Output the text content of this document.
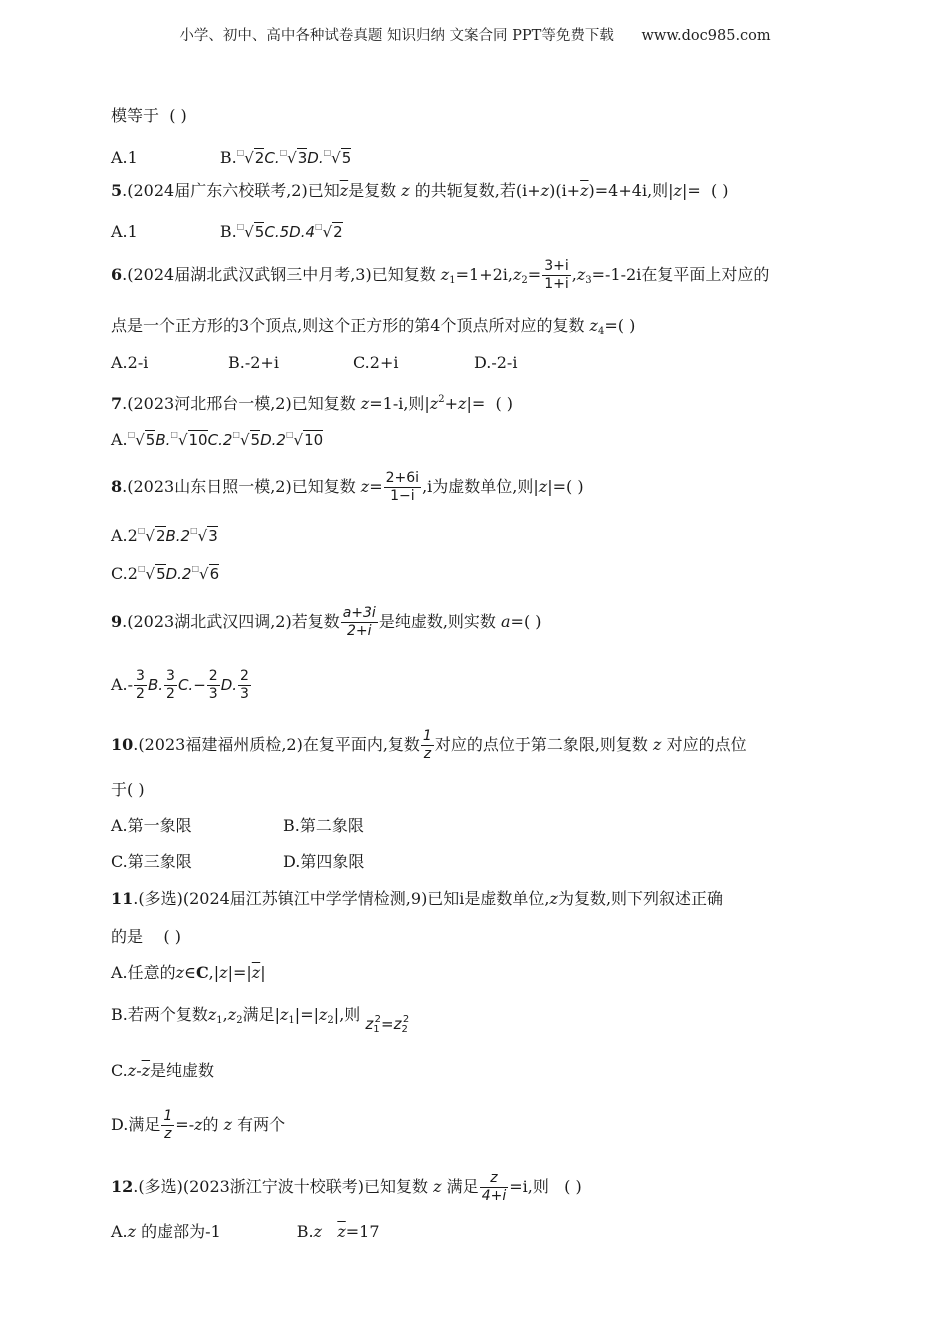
小学、初中、高中各种试卷真题 知识归纳 文案合同 PPT等免费下载      www.doc985.com
模等于 ( )
A.1	B.□√2C.□√3D.□√5
5.(2024届广东六校联考,2)已知$\overline{z}$是复数 z 的共轭复数,若$(i+z)(i+\overline{z})=4+4i$,则|z|= ( )
A.1	B.□√5C.5D.4□√2
6.(2024届湖北武汉武钢三中月考,3)已知复数 $z_1=1+2i,z_2= \frac{3+i}{1+i} ,z_3=-1-2i$在复平面上对应的
点是一个正方形的3个顶点,则这个正方形的第4个顶点所对应的复数 $z_4=$( )
A.2-i	B.-2+i	C.2+i	D.-2-i
7.(2023河北邢台一模,2)已知复数 z=1-i,则$|z^2+z|=$ ( )
A.□√5B.□√10C.2□√5D.2□√10
8.(2023山东日照一模,2)已知复数 $z= \frac{2+6i}{1-i} ,i$为虚数单位,则|z|=( )
A.2□√2B.2□√3
C.2□√5D.2□√6
9.(2023湖北武汉四调,2)若复数 $\frac{a+3i}{2+i}$ 是纯虚数,则实数 a=( )
$A.- \frac{3}{2} B$. $\frac{3}{2} C.- \frac{2}{3} D$. $\frac{2}{3}$
10.(2023福建福州质检,2)在复平面内,复数 $\frac{1}{z}$ 对应的点位于第二象限,则复数 z 对应的点位
于( )
A.第一象限	B.第二象限
C.第三象限	D.第四象限
11.(多选)(2024届江苏镇江中学学情检测,9)已知i是虚数单位,z为复数,则下列叙述正确
的是 ( )
A.任意的$z\in C,|z|=|\overline{z}|$
B.若两个复数$z_1,z_2$满足$|z_1|=|z_2|$,则 $z_1^2=z_2^2$
$C.z-\overline{z}$是纯虚数
D.满足 $\frac{1}{z} =-z$的 z 有两个
12.(多选)(2023浙江宁波十校联考)已知复数 z 满足 $\frac{z}{4+i} =i$,则 ( )
A.z 的虚部为-1	B.z $\overline{z}=17$
